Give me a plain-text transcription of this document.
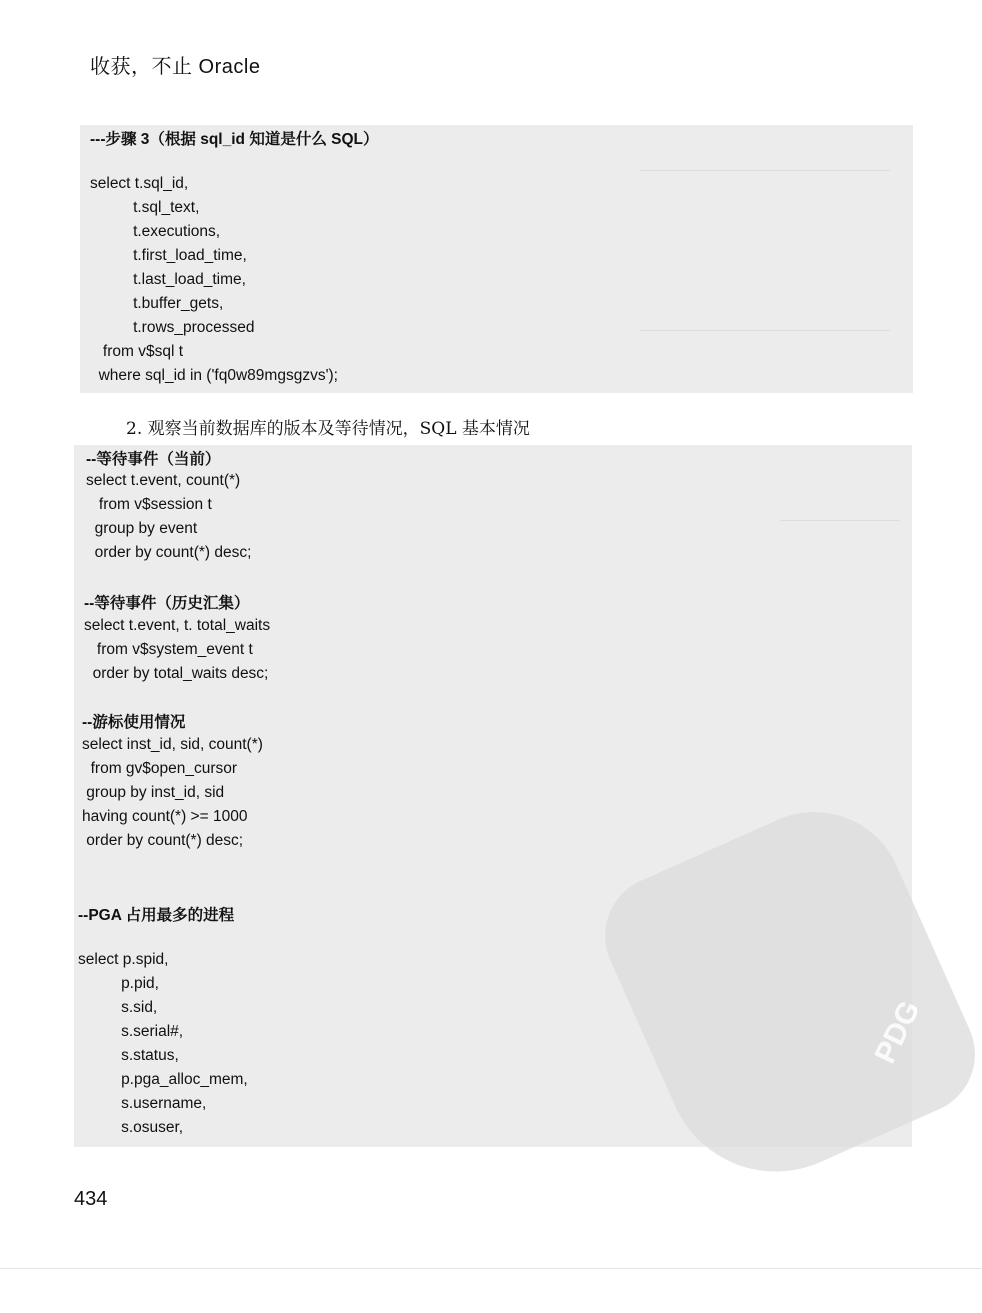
收获，不止 Oracle
PDG
---步骤 3（根据 sql_id 知道是什么 SQL）
select t.sql_id,
t.sql_text,
t.executions,
t.first_load_time,
t.last_load_time,
t.buffer_gets,
t.rows_processed
from v$sql t
where sql_id in ('fq0w89mgsgzvs');
2. 观察当前数据库的版本及等待情况，SQL 基本情况
--等待事件（当前）
select t.event, count(*)
from v$session t
group by event
order by count(*) desc;
--等待事件（历史汇集）
select t.event, t. total_waits
from v$system_event t
order by total_waits desc;
--游标使用情况
select inst_id, sid, count(*)
from gv$open_cursor
group by inst_id, sid
having count(*) >= 1000
order by count(*) desc;
--PGA 占用最多的进程
select p.spid,
p.pid,
s.sid,
s.serial#,
s.status,
p.pga_alloc_mem,
s.username,
s.osuser,
434
